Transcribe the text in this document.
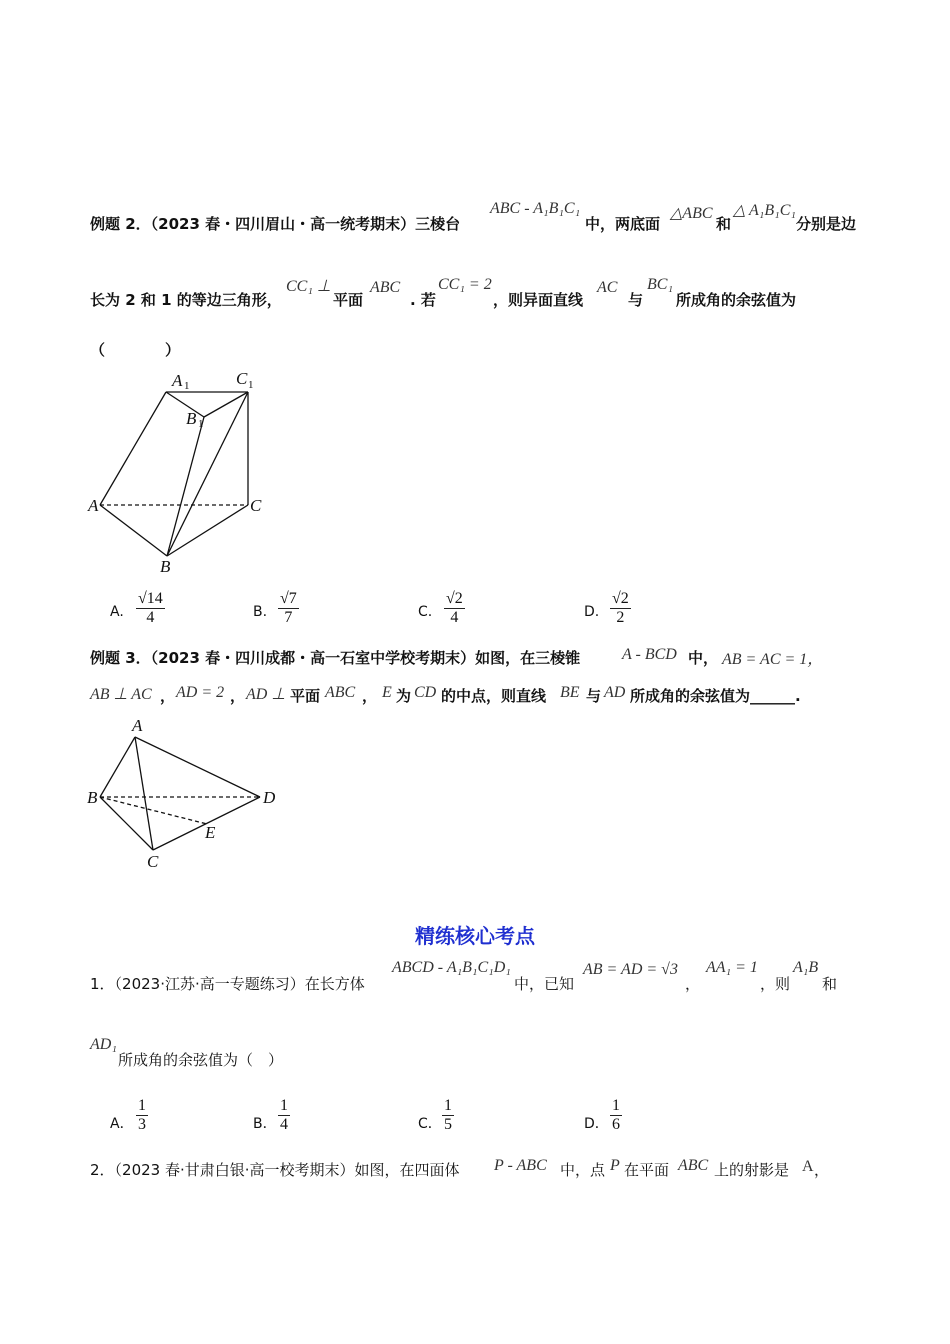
例题 2．（2023 春・四川眉山・高一统考期末）三棱台
ABC - A₁B₁C₁
中，两底面
△ABC
和
△ A₁B₁C₁
分别是边
长为 2 和 1 的等边三角形，
CC₁ ⊥
平面
ABC
. 若
CC₁ = 2
，则异面直线
AC
与
BC₁
所成角的余弦值为
（　　　　）
A 1	C 1
B 1
A	C
B
A. $\frac{√14}{4}$	B. $\frac{√7}{7}$	C. $\frac{√2}{4}$	D. $\frac{√2}{2}$
例题 3．（2023 春・四川成都・高一石室中学校考期末）如图，在三棱锥	A - BCD 中， AB = AC = 1，
AB ⊥ AC ， AD = 2 ， AD ⊥ 平面 ABC ， E 为 CD 的中点，则直线 BE 与 AD 所成角的余弦值为______.
A
B	D
E
C
精练核心考点
1．（2023·江苏·高一专题练习）在长方体
ABCD - A₁B₁C₁D₁
中，已知
AB = AD = √3
，
AA₁ = 1
，则
A₁B
和
AD₁
所成角的余弦值为（　）
A． $\frac{1}{3}$	B． $\frac{1}{4}$	C． $\frac{1}{5}$	D． $\frac{1}{6}$
2．（2023 春·甘肃白银·高一校考期末）如图，在四面体 P - ABC 中，点 P 在平面 ABC 上的射影是 A ，
